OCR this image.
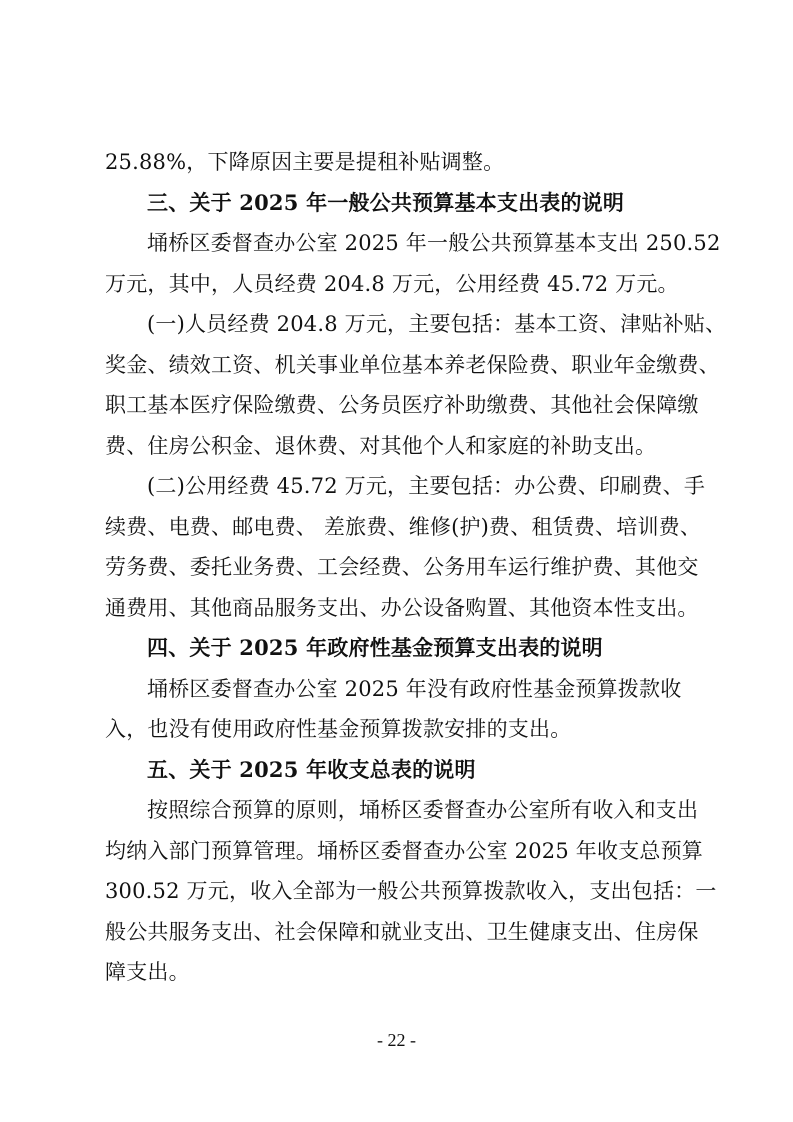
25.88%，下降原因主要是提租补贴调整。
三、关于 2025 年一般公共预算基本支出表的说明
埇桥区委督查办公室 2025 年一般公共预算基本支出 250.52
万元，其中，人员经费 204.8 万元，公用经费 45.72 万元。
(一)人员经费 204.8 万元，主要包括：基本工资、津贴补贴、
奖金、绩效工资、机关事业单位基本养老保险费、职业年金缴费、
职工基本医疗保险缴费、公务员医疗补助缴费、其他社会保障缴
费、住房公积金、退休费、对其他个人和家庭的补助支出。
(二)公用经费 45.72 万元，主要包括：办公费、印刷费、手
续费、电费、邮电费、 差旅费、维修(护)费、租赁费、培训费、
劳务费、委托业务费、工会经费、公务用车运行维护费、其他交
通费用、其他商品服务支出、办公设备购置、其他资本性支出。
四、关于 2025 年政府性基金预算支出表的说明
埇桥区委督查办公室 2025 年没有政府性基金预算拨款收
入，也没有使用政府性基金预算拨款安排的支出。
五、关于 2025 年收支总表的说明
按照综合预算的原则，埇桥区委督查办公室所有收入和支出
均纳入部门预算管理。埇桥区委督查办公室 2025 年收支总预算
300.52 万元，收入全部为一般公共预算拨款收入，支出包括：一
般公共服务支出、社会保障和就业支出、卫生健康支出、住房保
障支出。
- 22 -
